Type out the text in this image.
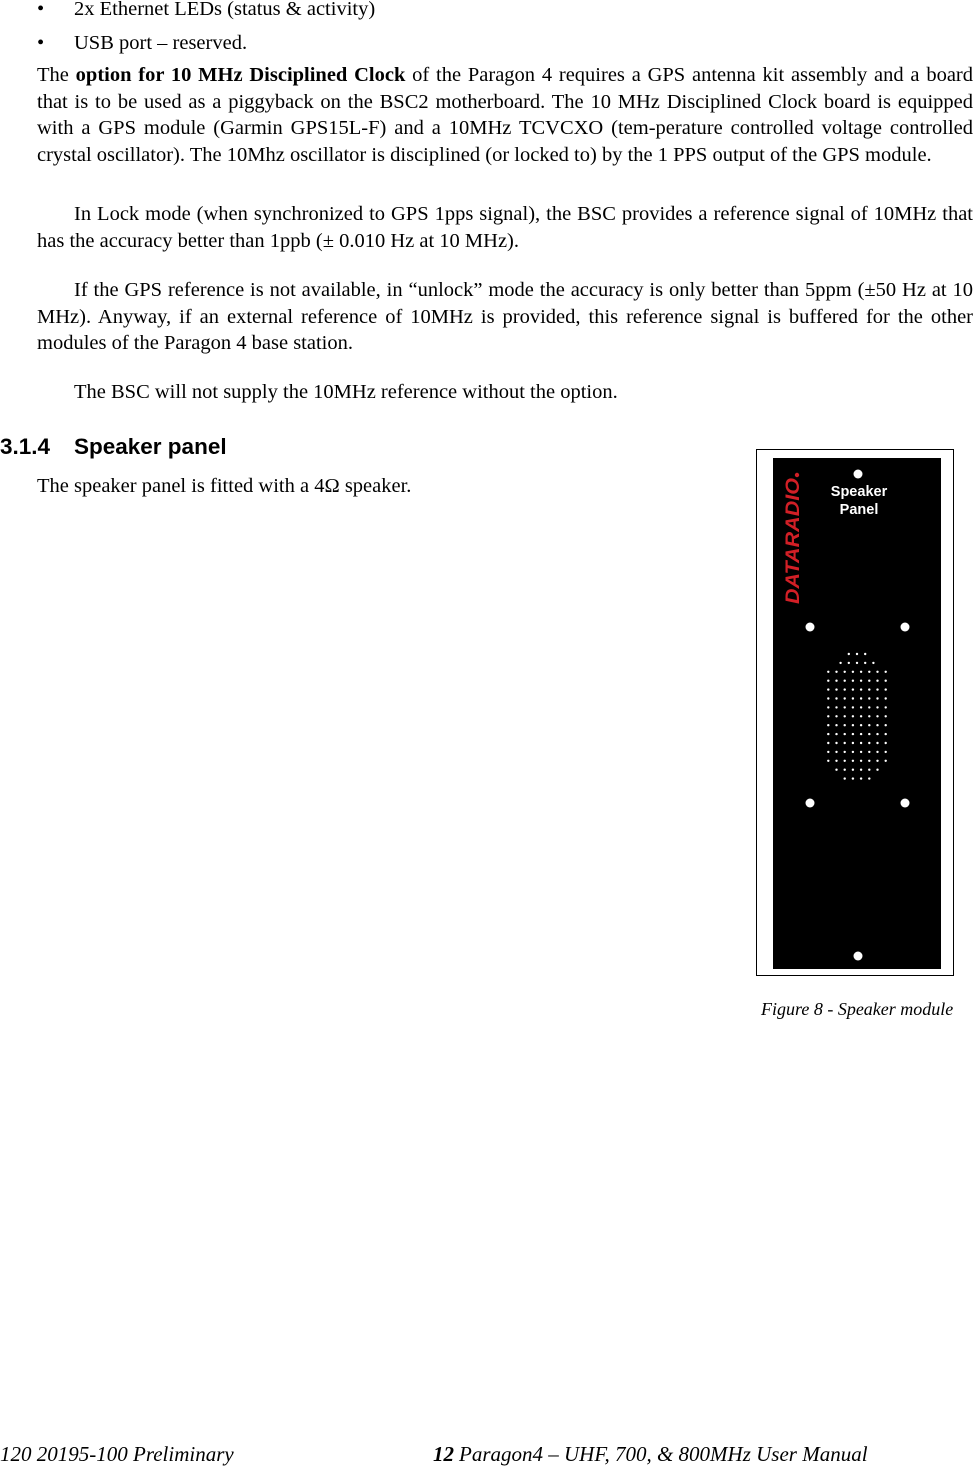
• 2x Ethernet LEDs (status & activity)
• USB port – reserved.
The option for 10 MHz Disciplined Clock of the Paragon 4 requires a GPS antenna kit assembly and a board that is to be used as a piggyback on the BSC2 motherboard. The 10 MHz Disciplined Clock board is equipped with a GPS module (Garmin GPS15L-F) and a 10MHz TCVCXO (tem-perature controlled voltage controlled crystal oscillator). The 10Mhz oscillator is disciplined (or locked to) by the 1 PPS output of the GPS module.
In Lock mode (when synchronized to GPS 1pps signal), the BSC provides a reference signal of 10MHz that has the accuracy better than 1ppb (± 0.010 Hz at 10 MHz).
If the GPS reference is not available, in “unlock” mode the accuracy is only better than 5ppm (±50 Hz at 10 MHz). Anyway, if an external reference of 10MHz is provided, this reference signal is buffered for the other modules of the Paragon 4 base station.
The BSC will not supply the 10MHz reference without the option.
3.1.4 Speaker panel
The speaker panel is fitted with a 4Ω speaker.	Speaker
Panel
DATARADIO
Figure 8 - Speaker module
120 20195-100 Preliminary	12 Paragon4 – UHF, 700, & 800MHz User Manual
